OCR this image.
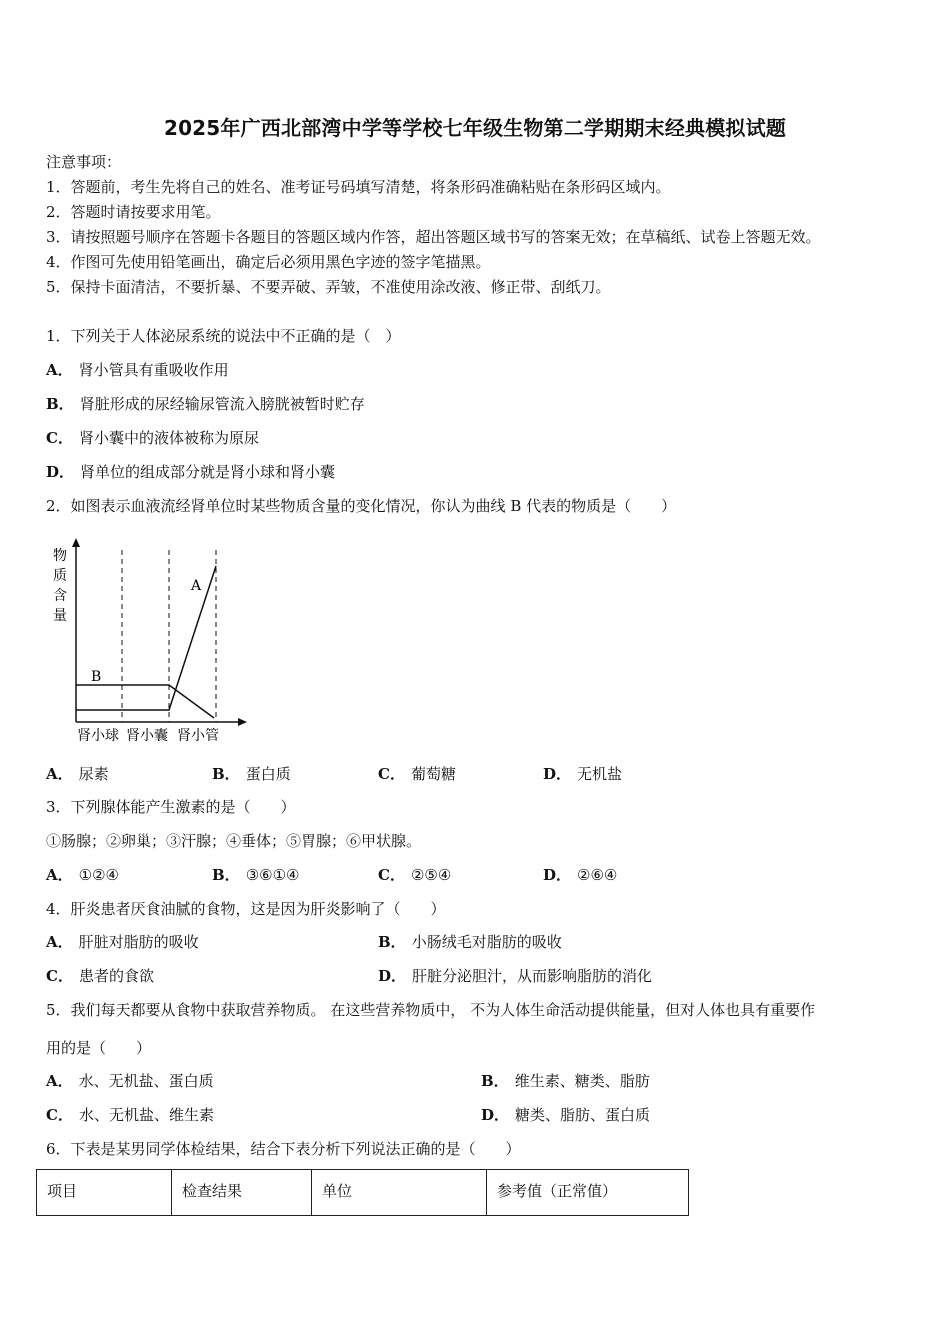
2025年广西北部湾中学等学校七年级生物第二学期期末经典模拟试题
注意事项：
1．答题前，考生先将自己的姓名、准考证号码填写清楚，将条形码准确粘贴在条形码区域内。
2．答题时请按要求用笔。
3．请按照题号顺序在答题卡各题目的答题区域内作答，超出答题区域书写的答案无效；在草稿纸、试卷上答题无效。
4．作图可先使用铅笔画出，确定后必须用黑色字迹的签字笔描黑。
5．保持卡面清洁，不要折暴、不要弄破、弄皱，不准使用涂改液、修正带、刮纸刀。
1．下列关于人体泌尿系统的说法中不正确的是（　）
A． 肾小管具有重吸收作用
B． 肾脏形成的尿经输尿管流入膀胱被暂时贮存
C． 肾小囊中的液体被称为原尿
D． 肾单位的组成部分就是肾小球和肾小囊
2．如图表示血液流经肾单位时某些物质含量的变化情况，你认为曲线 B 代表的物质是（　　）
物
质
含
量
B
A
肾小球 肾小囊 肾小管
A． 尿素	B． 蛋白质	C． 葡萄糖	D． 无机盐
3．下列腺体能产生激素的是（　　）
①肠腺；②卵巢；③汗腺；④垂体；⑤胃腺；⑥甲状腺。
A． ①②④	B． ③⑥①④	C． ②⑤④	D． ②⑥④
4．肝炎患者厌食油腻的食物，这是因为肝炎影响了（　　）
A． 肝脏对脂肪的吸收	B． 小肠绒毛对脂肪的吸收
C． 患者的食欲	D． 肝脏分泌胆汁，从而影响脂肪的消化
5．我们每天都要从食物中获取营养物质。 在这些营养物质中， 不为人体生命活动提供能量，但对人体也具有重要作
用的是（　　）
A． 水、无机盐、蛋白质	B． 维生素、糖类、脂肪
C． 水、无机盐、维生素	D． 糖类、脂肪、蛋白质
6．下表是某男同学体检结果，结合下表分析下列说法正确的是（　　）
项目	检查结果	单位	参考值（正常值）
